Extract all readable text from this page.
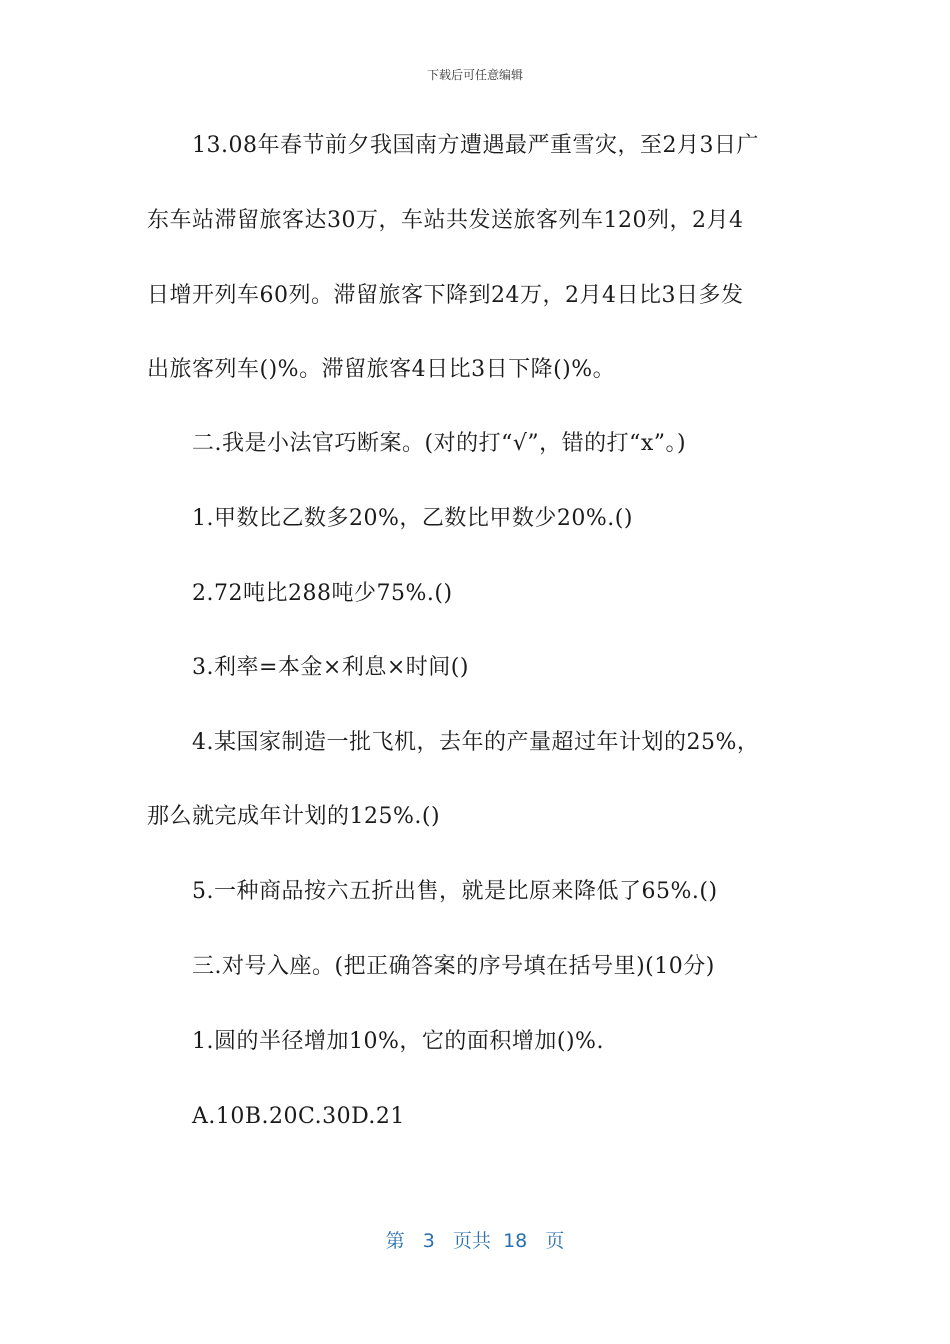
下载后可任意编辑
13.08年春节前夕我国南方遭遇最严重雪灾，至2月3日广
东车站滞留旅客达30万，车站共发送旅客列车120列，2月4
日增开列车60列。滞留旅客下降到24万，2月4日比3日多发
出旅客列车()%。滞留旅客4日比3日下降()%。
二.我是小法官巧断案。(对的打“√”，错的打“x”。)
1.甲数比乙数多20%，乙数比甲数少20%.()
2.72吨比288吨少75%.()
3.利率=本金×利息×时间()
4.某国家制造一批飞机，去年的产量超过年计划的25%，
那么就完成年计划的125%.()
5.一种商品按六五折出售，就是比原来降低了65%.()
三.对号入座。(把正确答案的序号填在括号里)(10分)
1.圆的半径增加10%，它的面积增加()%.
A.10B.20C.30D.21
第 3 页共 18 页
